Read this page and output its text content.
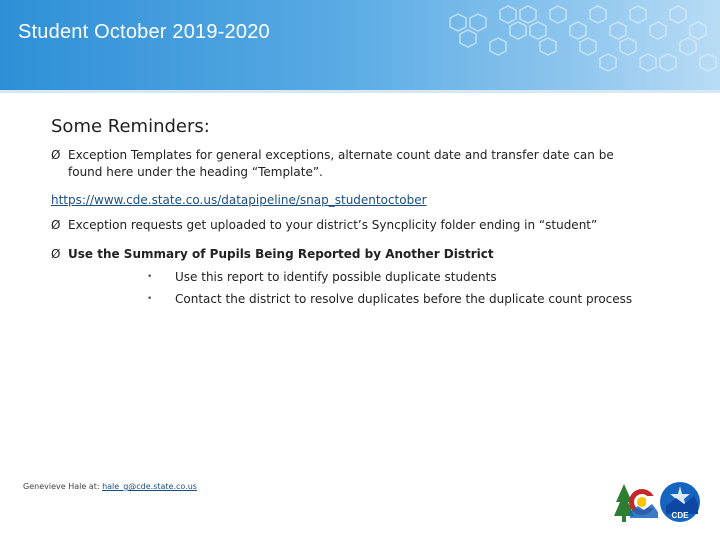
Student October 2019-2020
Some Reminders:
Ø Exception Templates for general exceptions, alternate count date and transfer date can be
found here under the heading “Template”.
https://www.cde.state.co.us/datapipeline/snap_studentoctober
Ø Exception requests get uploaded to your district’s Syncplicity folder ending in “student”
Ø Use the Summary of Pupils Being Reported by Another District
• Use this report to identify possible duplicate students
• Contact the district to resolve duplicates before the duplicate count process
Genevieve Hale at: hale_g@cde.state.co.us
CDE
